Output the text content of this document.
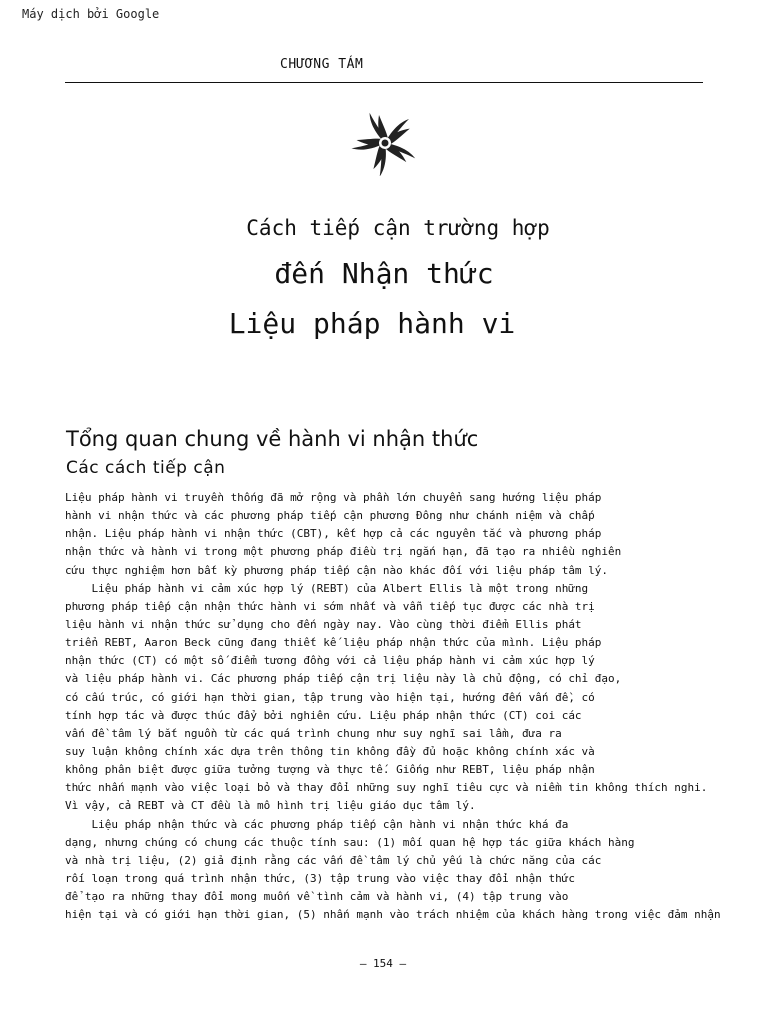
Máy dịch bởi Google
CHƯƠNG TÁM
Cách tiếp cận trường hợp
đến Nhận thức
Liệu pháp hành vi
Tổng quan chung về hành vi nhận thức
Các cách tiếp cận
Liệu pháp hành vi truyền thống đã mở rộng và phần lớn chuyển sang hướng liệu pháp
hành vi nhận thức và các phương pháp tiếp cận phương Đông như chánh niệm và chấp
nhận. Liệu pháp hành vi nhận thức (CBT), kết hợp cả các nguyên tắc và phương pháp
nhận thức và hành vi trong một phương pháp điều trị ngắn hạn, đã tạo ra nhiều nghiên
cứu thực nghiệm hơn bất kỳ phương pháp tiếp cận nào khác đối với liệu pháp tâm lý.
Liệu pháp hành vi cảm xúc hợp lý (REBT) của Albert Ellis là một trong những
phương pháp tiếp cận nhận thức hành vi sớm nhất và vẫn tiếp tục được các nhà trị
liệu hành vi nhận thức sử dụng cho đến ngày nay. Vào cùng thời điểm Ellis phát
triển REBT, Aaron Beck cũng đang thiết kế liệu pháp nhận thức của mình. Liệu pháp
nhận thức (CT) có một số điểm tương đồng với cả liệu pháp hành vi cảm xúc hợp lý
và liệu pháp hành vi. Các phương pháp tiếp cận trị liệu này là chủ động, có chỉ đạo,
có cấu trúc, có giới hạn thời gian, tập trung vào hiện tại, hướng đến vấn đề, có
tính hợp tác và được thúc đẩy bởi nghiên cứu. Liệu pháp nhận thức (CT) coi các
vấn đề tâm lý bắt nguồn từ các quá trình chung như suy nghĩ sai lầm, đưa ra
suy luận không chính xác dựa trên thông tin không đầy đủ hoặc không chính xác và
không phân biệt được giữa tưởng tượng và thực tế. Giống như REBT, liệu pháp nhận
thức nhấn mạnh vào việc loại bỏ và thay đổi những suy nghĩ tiêu cực và niềm tin không thích nghi.
Vì vậy, cả REBT và CT đều là mô hình trị liệu giáo dục tâm lý.
Liệu pháp nhận thức và các phương pháp tiếp cận hành vi nhận thức khá đa
dạng, nhưng chúng có chung các thuộc tính sau: (1) mối quan hệ hợp tác giữa khách hàng
và nhà trị liệu, (2) giả định rằng các vấn đề tâm lý chủ yếu là chức năng của các
rối loạn trong quá trình nhận thức, (3) tập trung vào việc thay đổi nhận thức
để tạo ra những thay đổi mong muốn về tình cảm và hành vi, (4) tập trung vào
hiện tại và có giới hạn thời gian, (5) nhấn mạnh vào trách nhiệm của khách hàng trong việc đảm nhận
– 154 –
